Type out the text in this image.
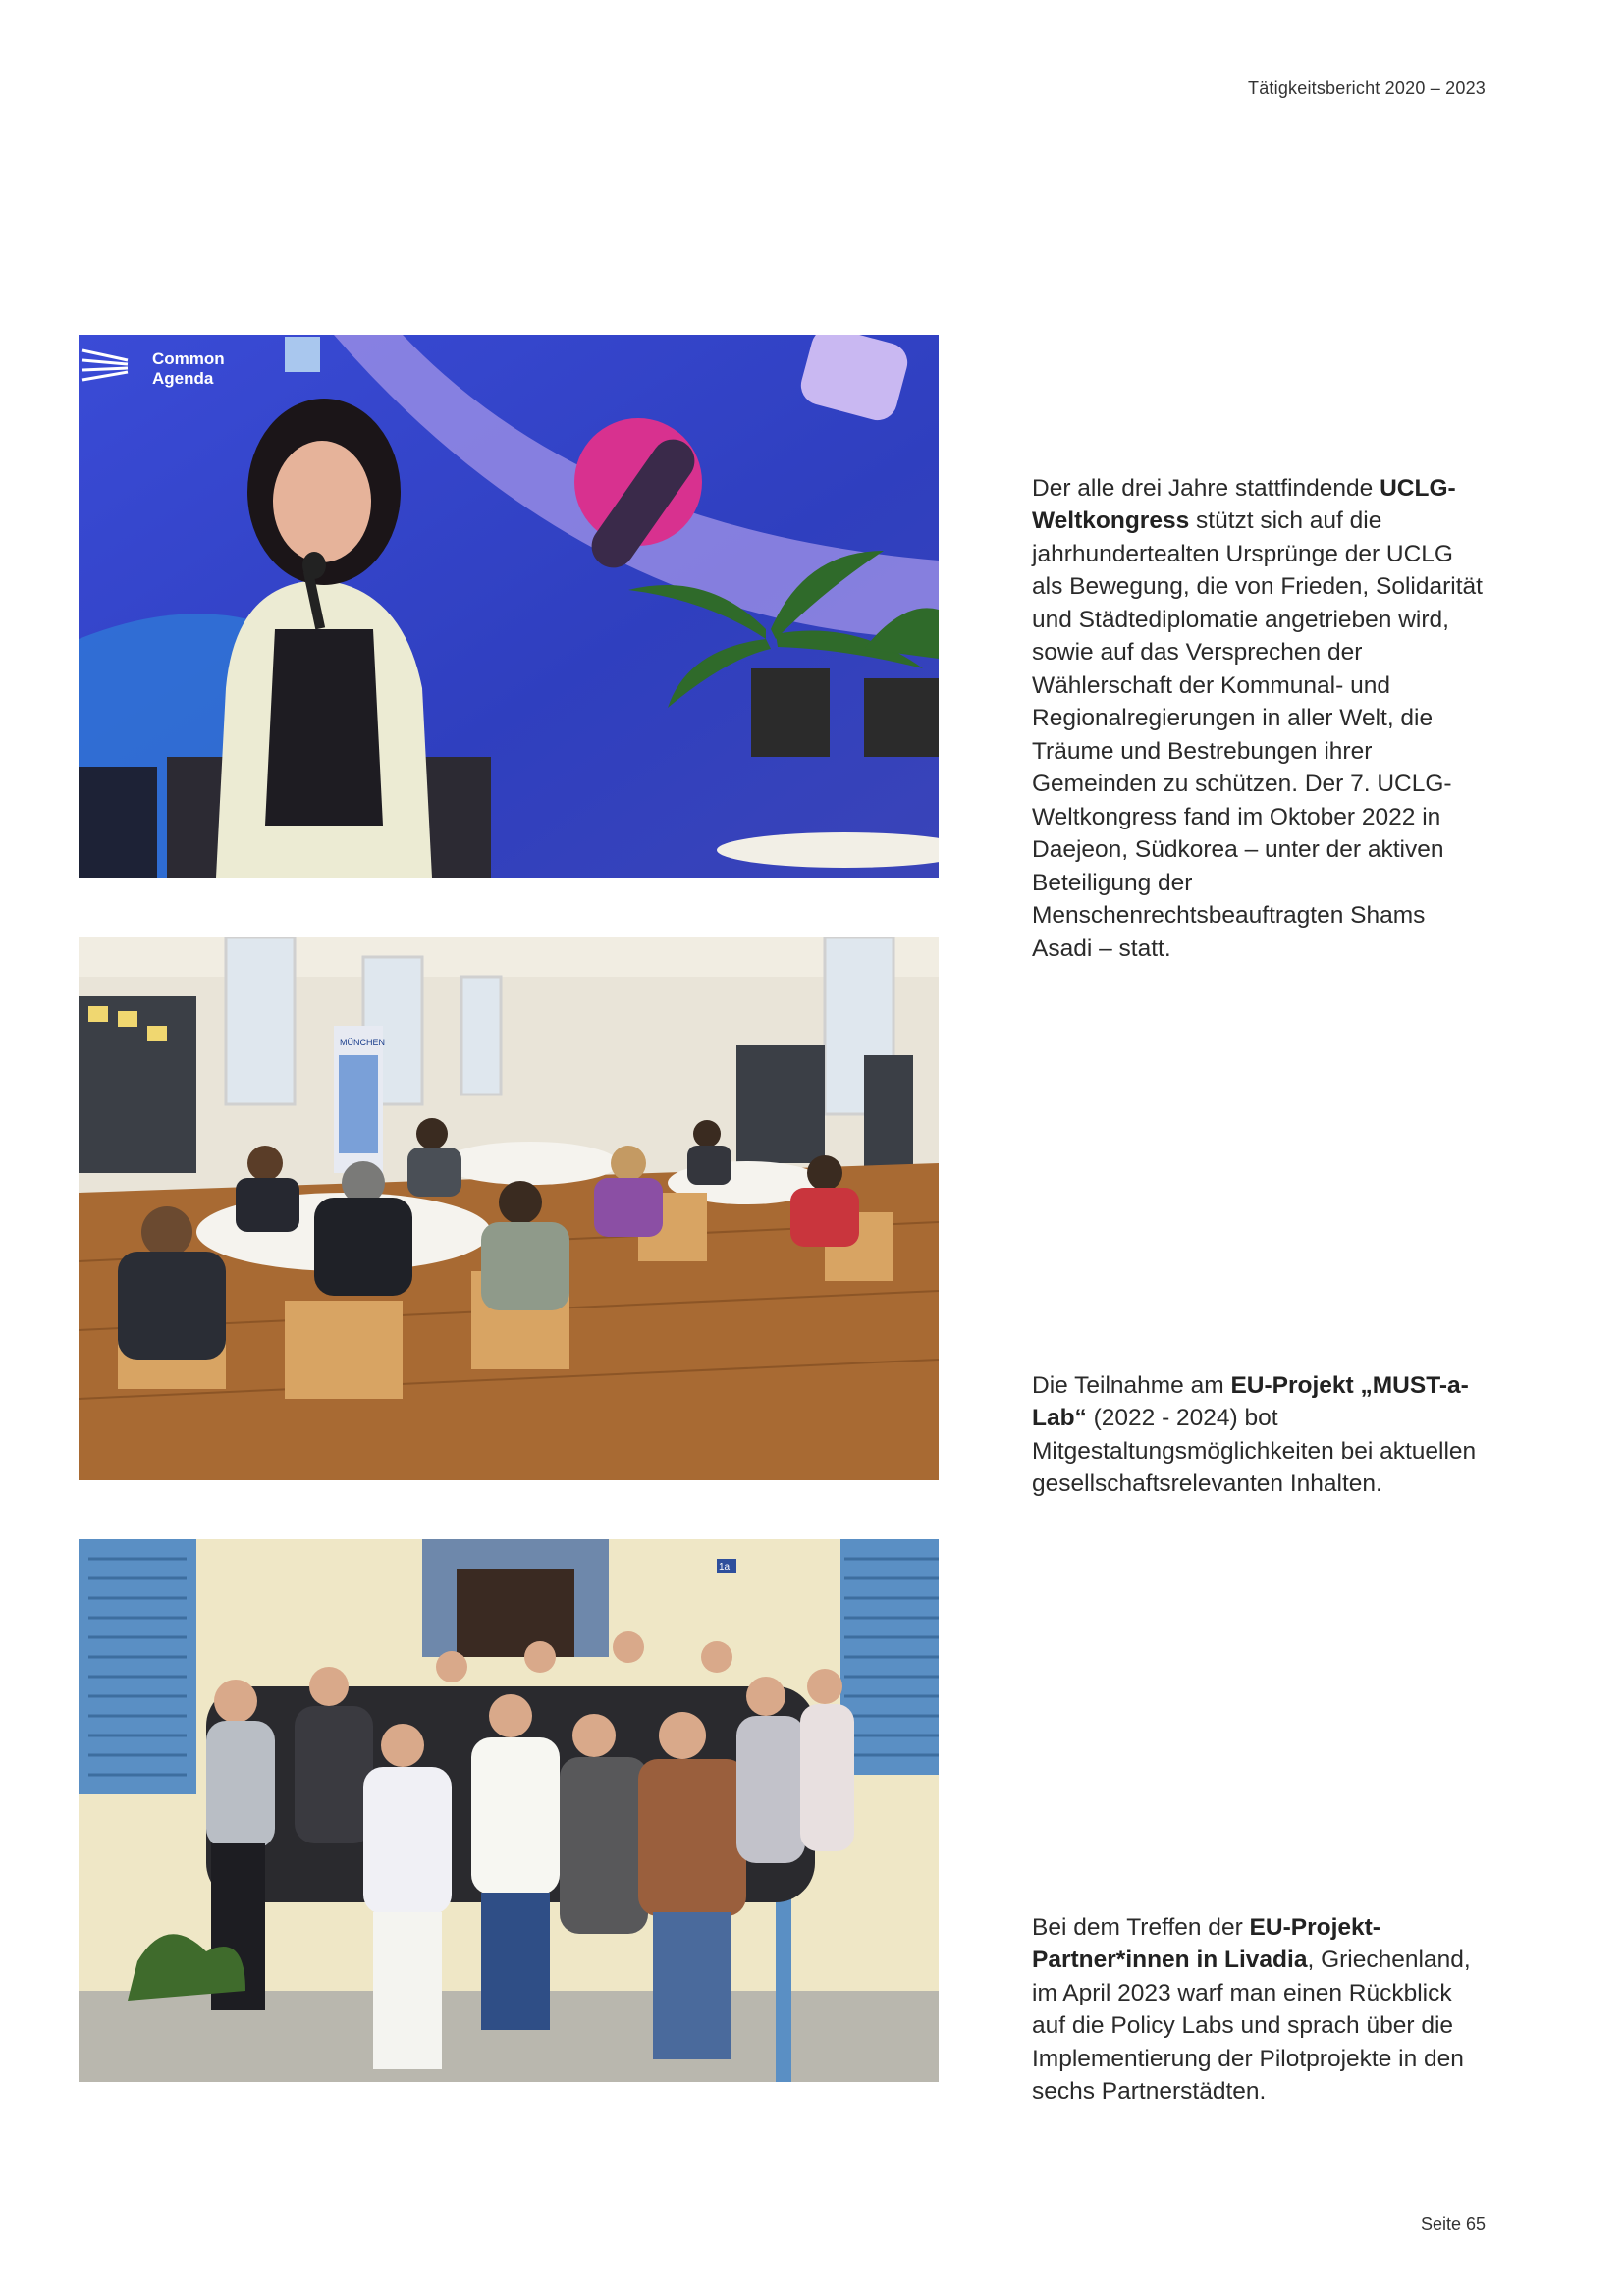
Tätigkeitsbericht 2020 – 2023
Common
Agenda
MÜNCHEN
1a

Der alle drei Jahre stattfindende UCLG-Weltkongress stützt sich auf die jahrhundertealten Ursprünge der UCLG als Bewegung, die von Frieden, Solidarität und Städtediplomatie angetrieben wird, sowie auf das Versprechen der Wählerschaft der Kommunal- und Regionalregierungen in aller Welt, die Träume und Bestrebungen ihrer Gemeinden zu schützen. Der 7. UCLG-Weltkongress fand im Oktober 2022 in Daejeon, Südkorea – unter der aktiven Beteiligung der Menschenrechtsbeauftragten Shams Asadi – statt.

Die Teilnahme am EU-Projekt „MUST-a-Lab“ (2022 - 2024) bot Mitgestaltungsmöglichkeiten bei aktuellen gesellschaftsrelevanten Inhalten.

Bei dem Treffen der EU-Projekt-Partner*innen in Livadia, Griechenland, im April 2023 warf man einen Rückblick auf die Policy Labs und sprach über die Implementierung der Pilotprojekte in den sechs Partnerstädten.

Seite 65
